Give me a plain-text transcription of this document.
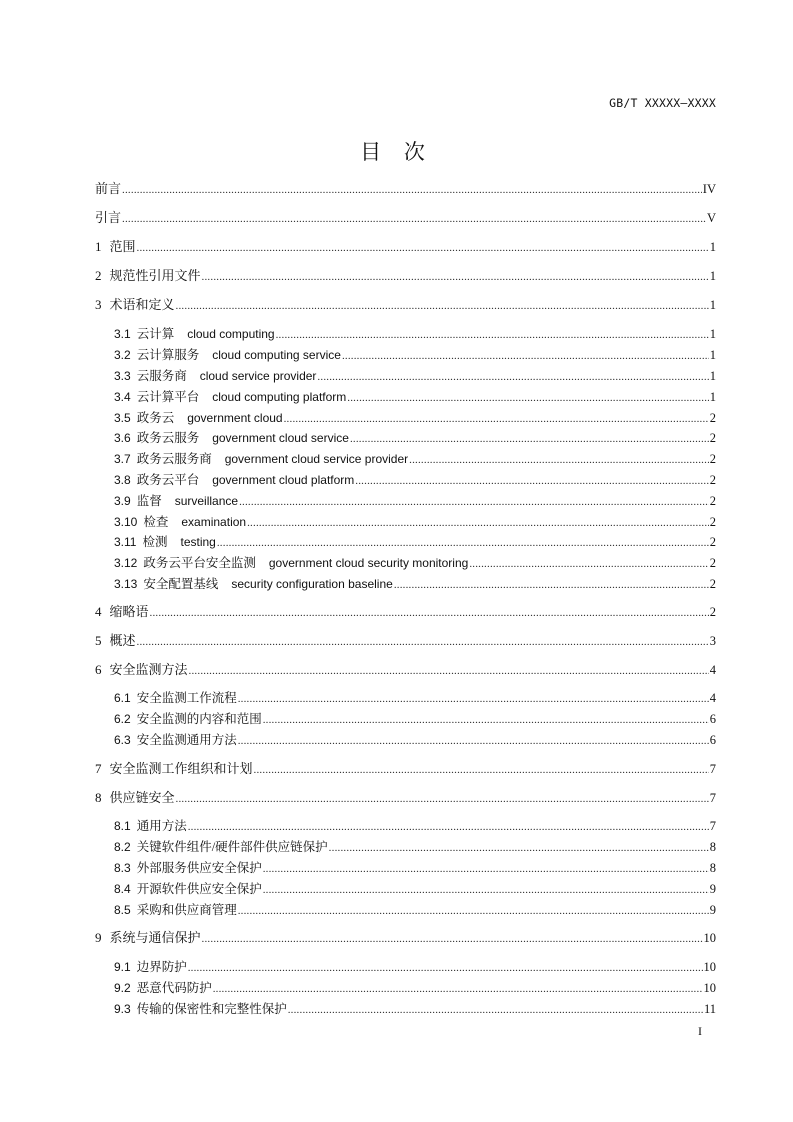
GB/T XXXXX—XXXX
目 次
前言 .....	IV
引言 .....	V
1 范围 .....	1
2 规范性引用文件 .....	1
3 术语和定义 .....	1
3.1 云计算 cloud computing .....	1
3.2 云计算服务 cloud computing service .....	1
3.3 云服务商 cloud service provider .....	1
3.4 云计算平台 cloud computing platform .....	1
3.5 政务云 government cloud .....	2
3.6 政务云服务 government cloud service .....	2
3.7 政务云服务商 government cloud service provider .....	2
3.8 政务云平台 government cloud platform .....	2
3.9 监督 surveillance .....	2
3.10 检查 examination .....	2
3.11 检测 testing .....	2
3.12 政务云平台安全监测 government cloud security monitoring .....	2
3.13 安全配置基线 security configuration baseline .....	2
4 缩略语 .....	2
5 概述 .....	3
6 安全监测方法 .....	4
6.1 安全监测工作流程 .....	4
6.2 安全监测的内容和范围 .....	6
6.3 安全监测通用方法 .....	6
7 安全监测工作组织和计划 .....	7
8 供应链安全 .....	7
8.1 通用方法 .....	7
8.2 关键软件组件/硬件部件供应链保护 .....	8
8.3 外部服务供应安全保护 .....	8
8.4 开源软件供应安全保护 .....	9
8.5 采购和供应商管理 .....	9
9 系统与通信保护 .....	10
9.1 边界防护 .....	10
9.2 恶意代码防护 .....	10
9.3 传输的保密性和完整性保护 .....	11
I
